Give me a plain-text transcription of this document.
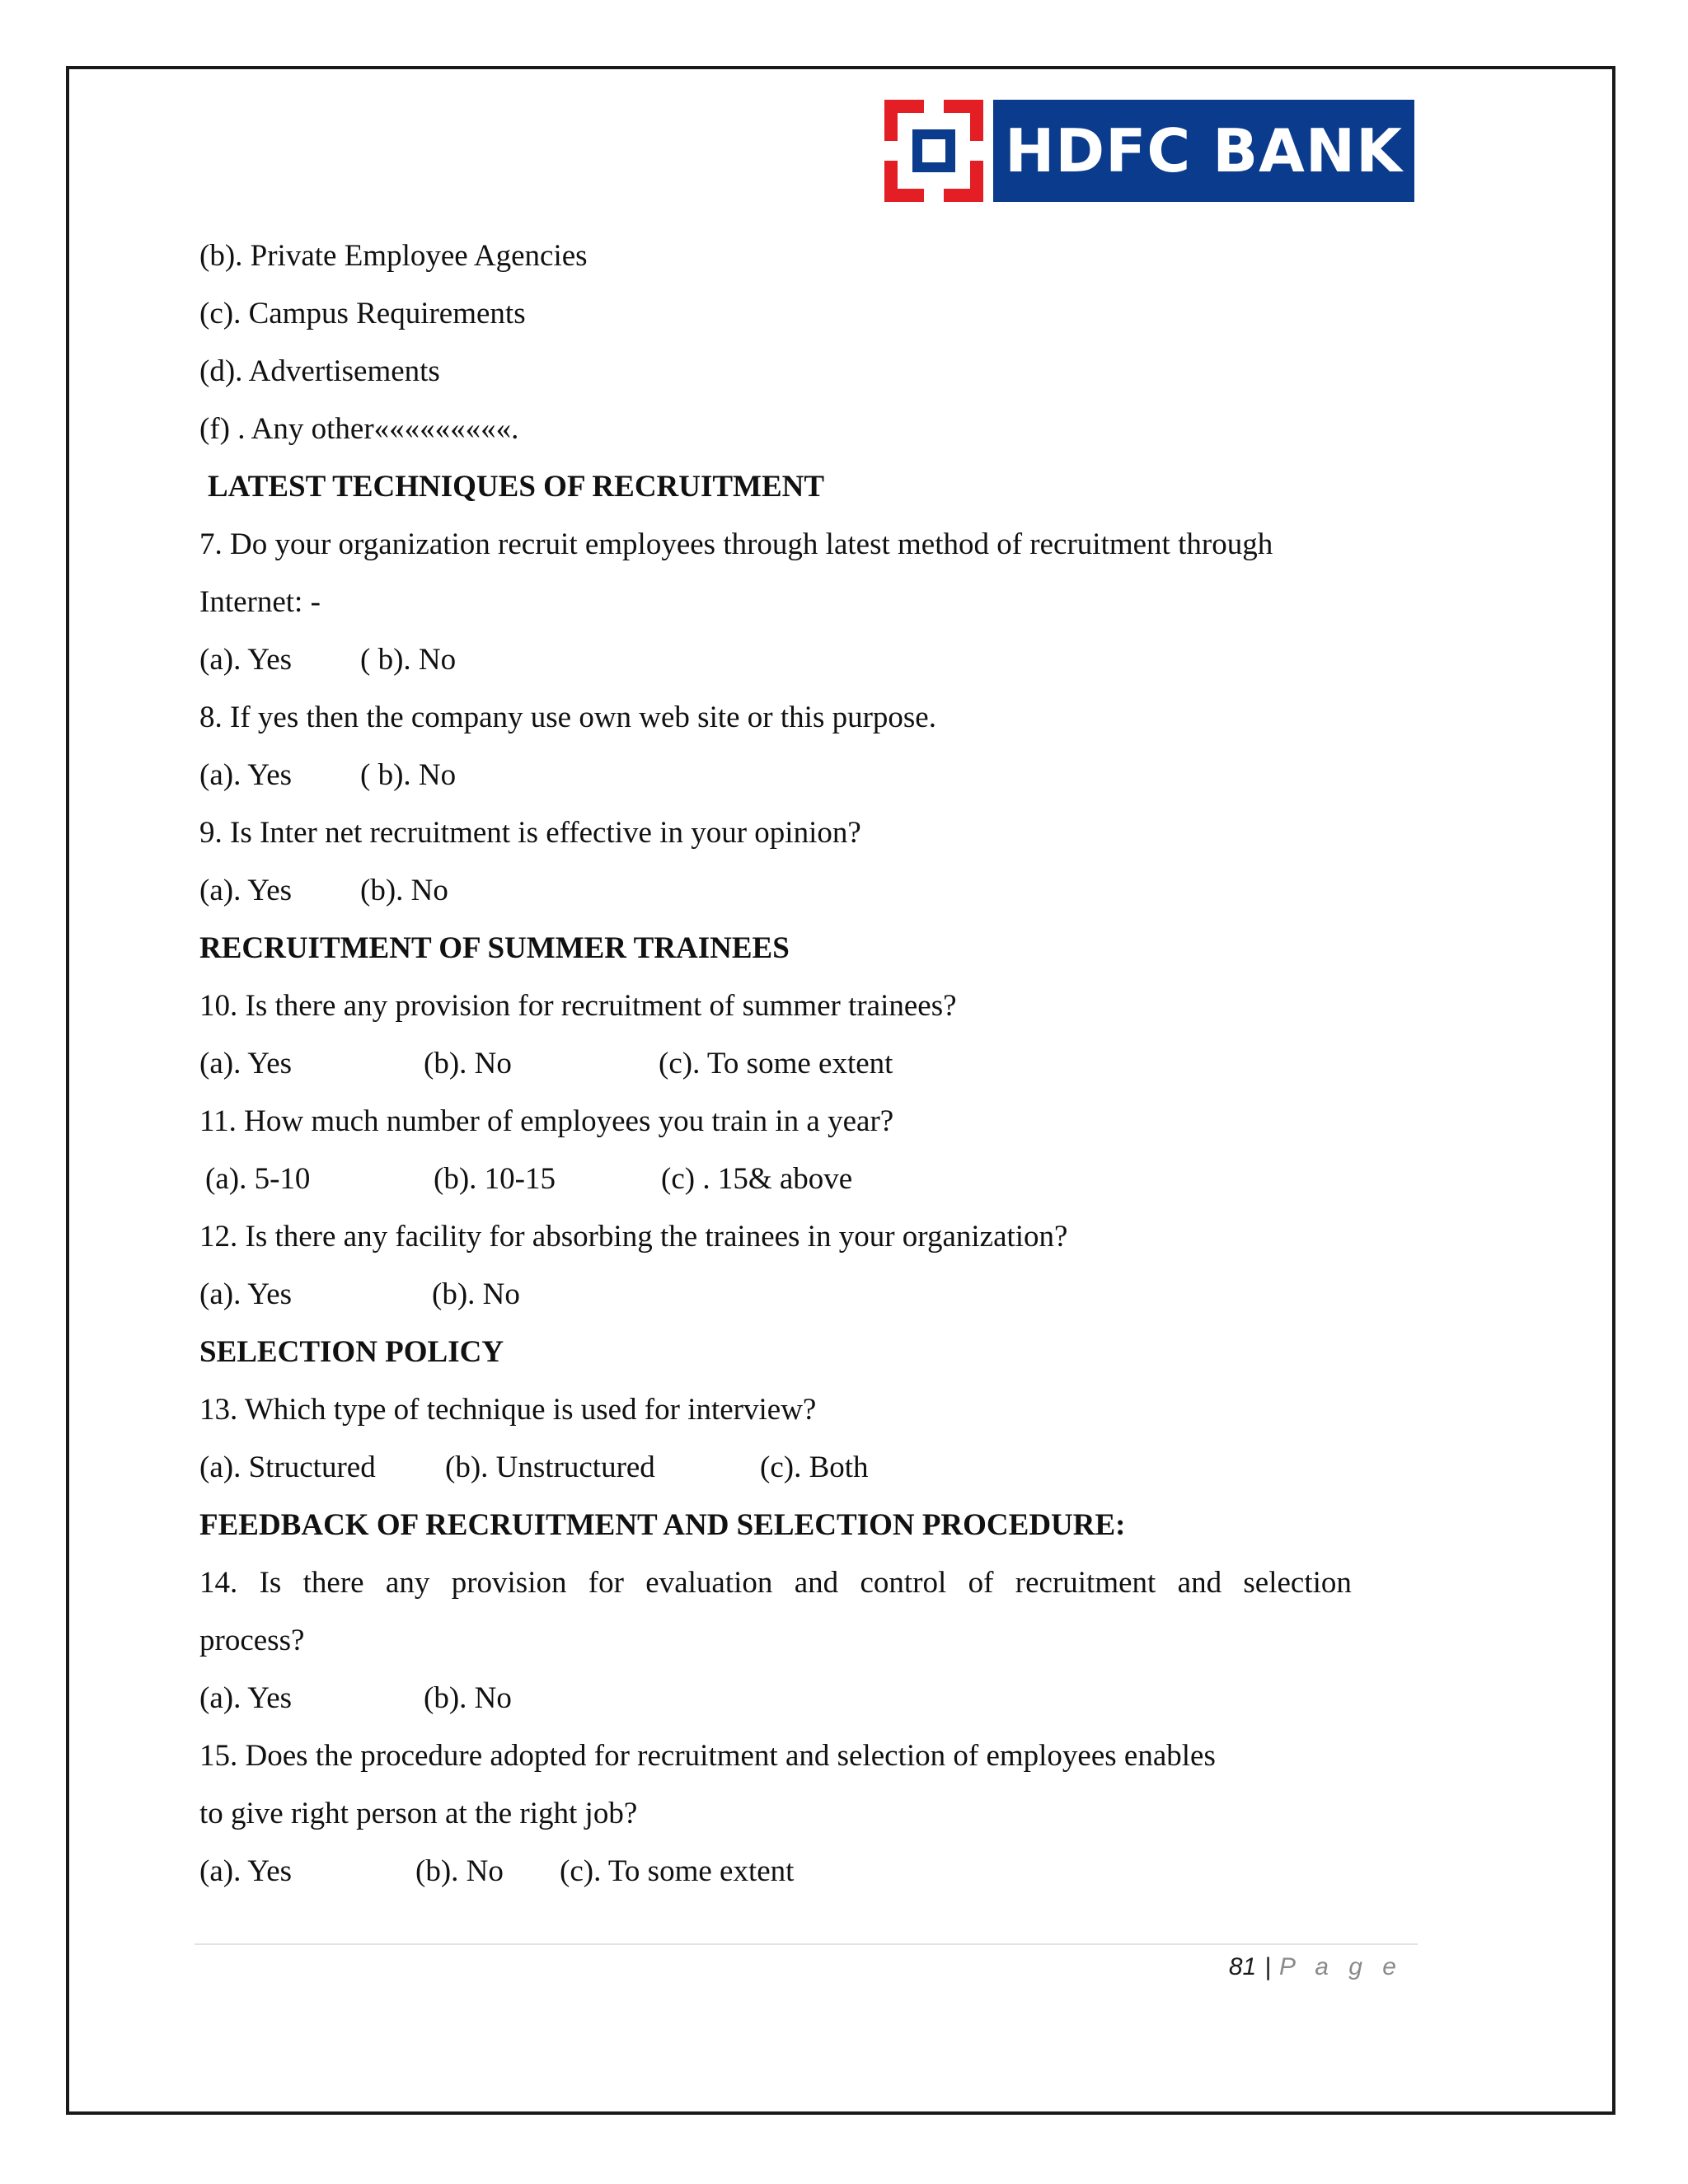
HDFC BANK
(b). Private Employee Agencies
(c). Campus Requirements
(d). Advertisements
(f) . Any other«««««««««.
LATEST TECHNIQUES OF RECRUITMENT
7. Do your organization recruit employees through latest method of recruitment through
Internet: -
(a). Yes ( b). No
8. If yes then the company use own web site or this purpose.
(a). Yes ( b). No
9. Is Inter net recruitment is effective in your opinion?
(a). Yes (b). No
RECRUITMENT OF SUMMER TRAINEES
10. Is there any provision for recruitment of summer trainees?
(a). Yes	(b). No	(c). To some extent
11. How much number of employees you train in a year?
(a). 5-10	(b). 10-15	(c) . 15& above
12. Is there any facility for absorbing the trainees in your organization?
(a). Yes	(b). No
SELECTION POLICY
13. Which type of technique is used for interview?
(a). Structured (b). Unstructured	(c). Both
FEEDBACK OF RECRUITMENT AND SELECTION PROCEDURE:
14. Is there any provision for evaluation and control of recruitment and selection
process?
(a). Yes	(b). No
15. Does the procedure adopted for recruitment and selection of employees enables
to give right person at the right job?
(a). Yes	(b). No (c). To some extent
81 | P a g e
